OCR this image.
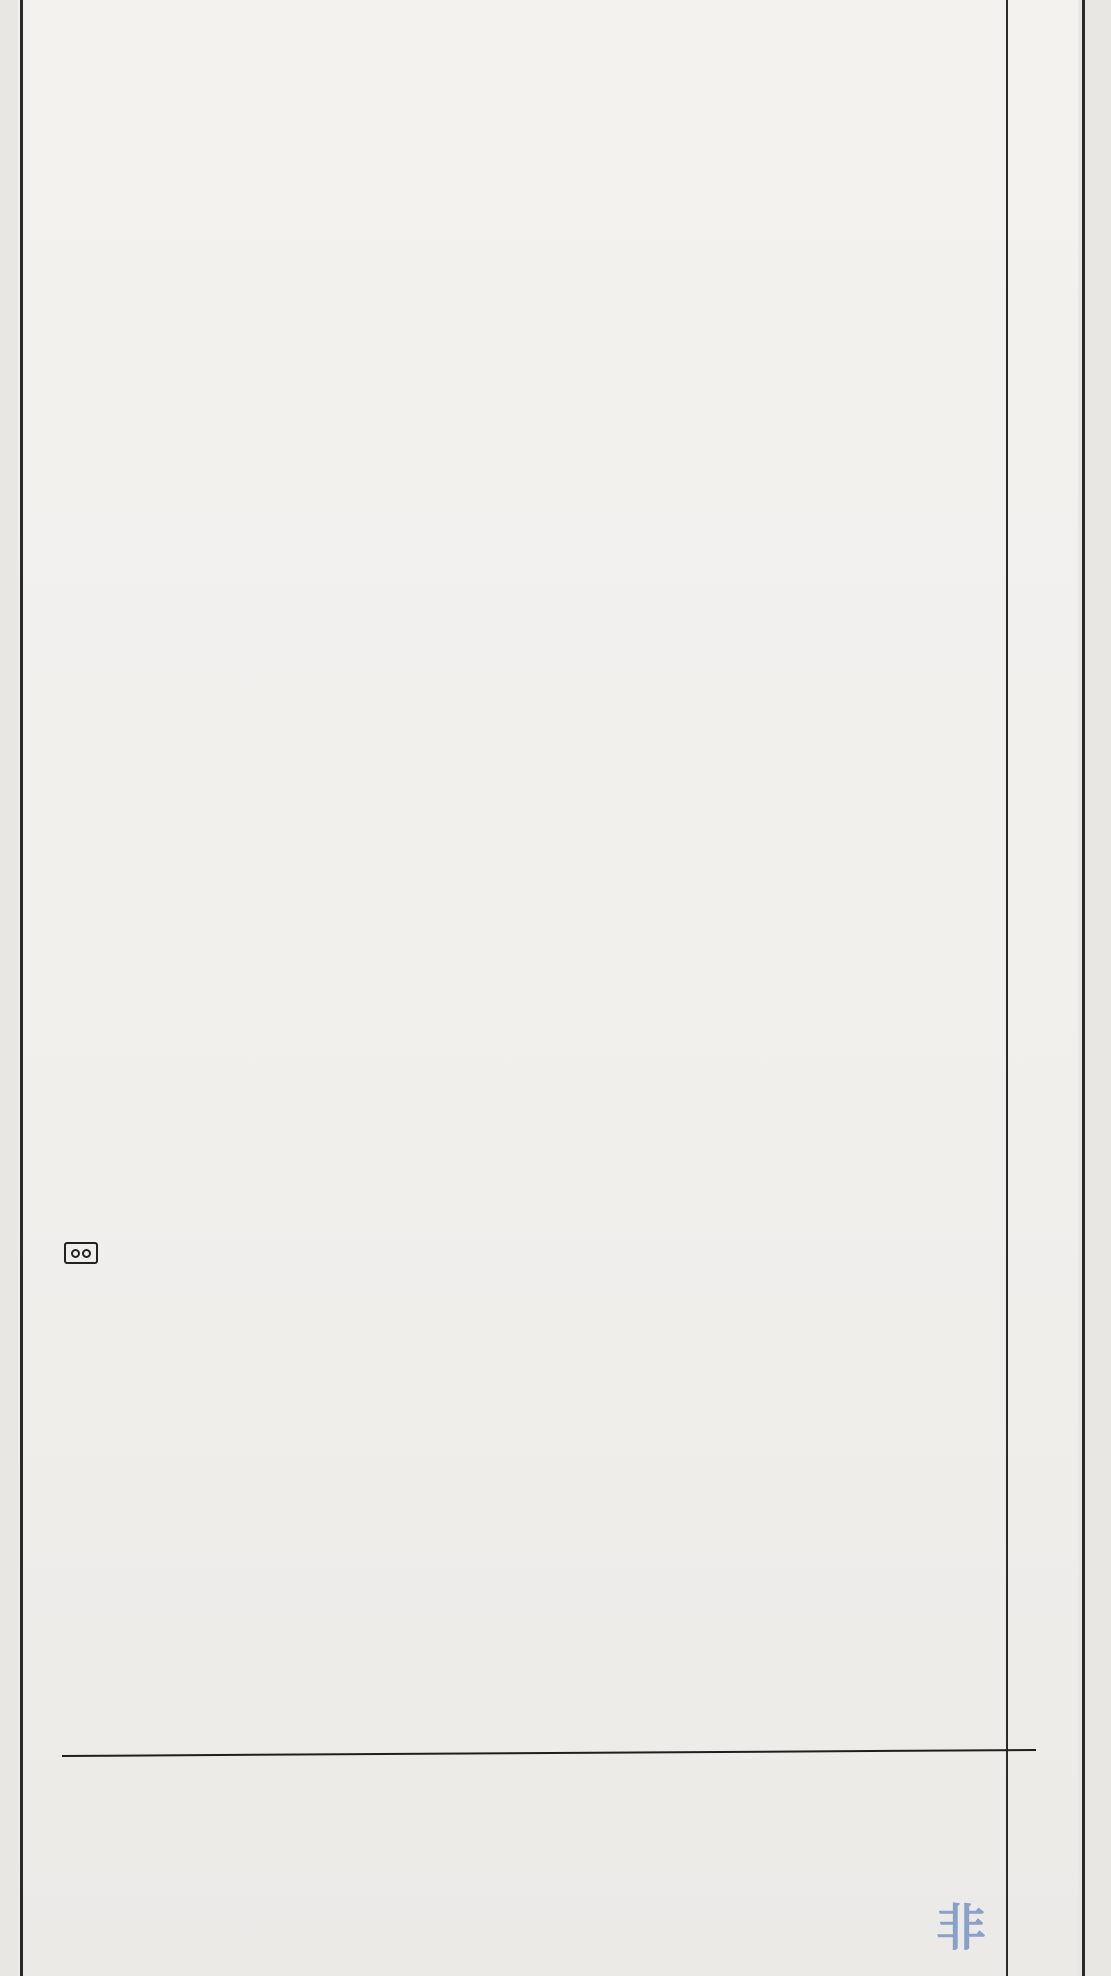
非
